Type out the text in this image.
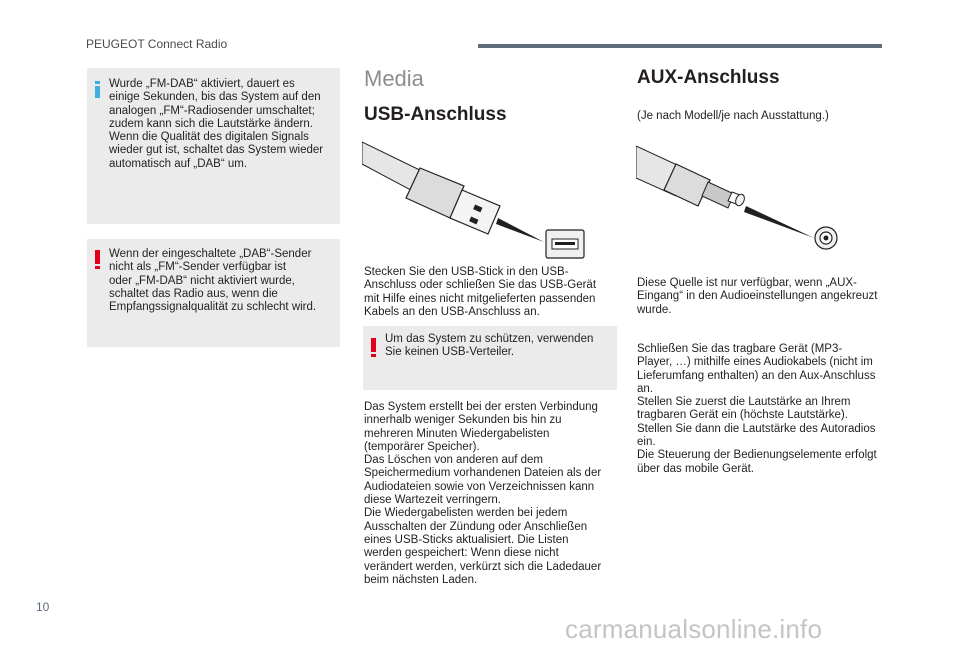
PEUGEOT Connect Radio
Wurde „FM-DAB“ aktiviert, dauert es
einige Sekunden, bis das System auf den
analogen „FM“-Radiosender umschaltet;
zudem kann sich die Lautstärke ändern.
Wenn die Qualität des digitalen Signals
wieder gut ist, schaltet das System wieder
automatisch auf „DAB“ um.
Wenn der eingeschaltete „DAB“-Sender
nicht als „FM“-Sender verfügbar ist
oder „FM-DAB“ nicht aktiviert wurde,
schaltet das Radio aus, wenn die
Empfangssignalqualität zu schlecht wird.
Media
USB-Anschluss
Stecken Sie den USB-Stick in den USB-
Anschluss oder schließen Sie das USB-Gerät
mit Hilfe eines nicht mitgelieferten passenden
Kabels an den USB-Anschluss an.
Um das System zu schützen, verwenden
Sie keinen USB-Verteiler.
Das System erstellt bei der ersten Verbindung
innerhalb weniger Sekunden bis hin zu
mehreren Minuten Wiedergabelisten
(temporärer Speicher).
Das Löschen von anderen auf dem
Speichermedium vorhandenen Dateien als der
Audiodateien sowie von Verzeichnissen kann
diese Wartezeit verringern.
Die Wiedergabelisten werden bei jedem
Ausschalten der Zündung oder Anschließen
eines USB-Sticks aktualisiert. Die Listen
werden gespeichert: Wenn diese nicht
verändert werden, verkürzt sich die Ladedauer
beim nächsten Laden.
AUX-Anschluss
(Je nach Modell/je nach Ausstattung.)
Diese Quelle ist nur verfügbar, wenn „AUX-
Eingang“ in den Audioeinstellungen angekreuzt
wurde.
Schließen Sie das tragbare Gerät (MP3-
Player, …) mithilfe eines Audiokabels (nicht im
Lieferumfang enthalten) an den Aux-Anschluss
an.
Stellen Sie zuerst die Lautstärke an Ihrem
tragbaren Gerät ein (höchste Lautstärke).
Stellen Sie dann die Lautstärke des Autoradios
ein.
Die Steuerung der Bedienungselemente erfolgt
über das mobile Gerät.
10
carmanualsonline.info
